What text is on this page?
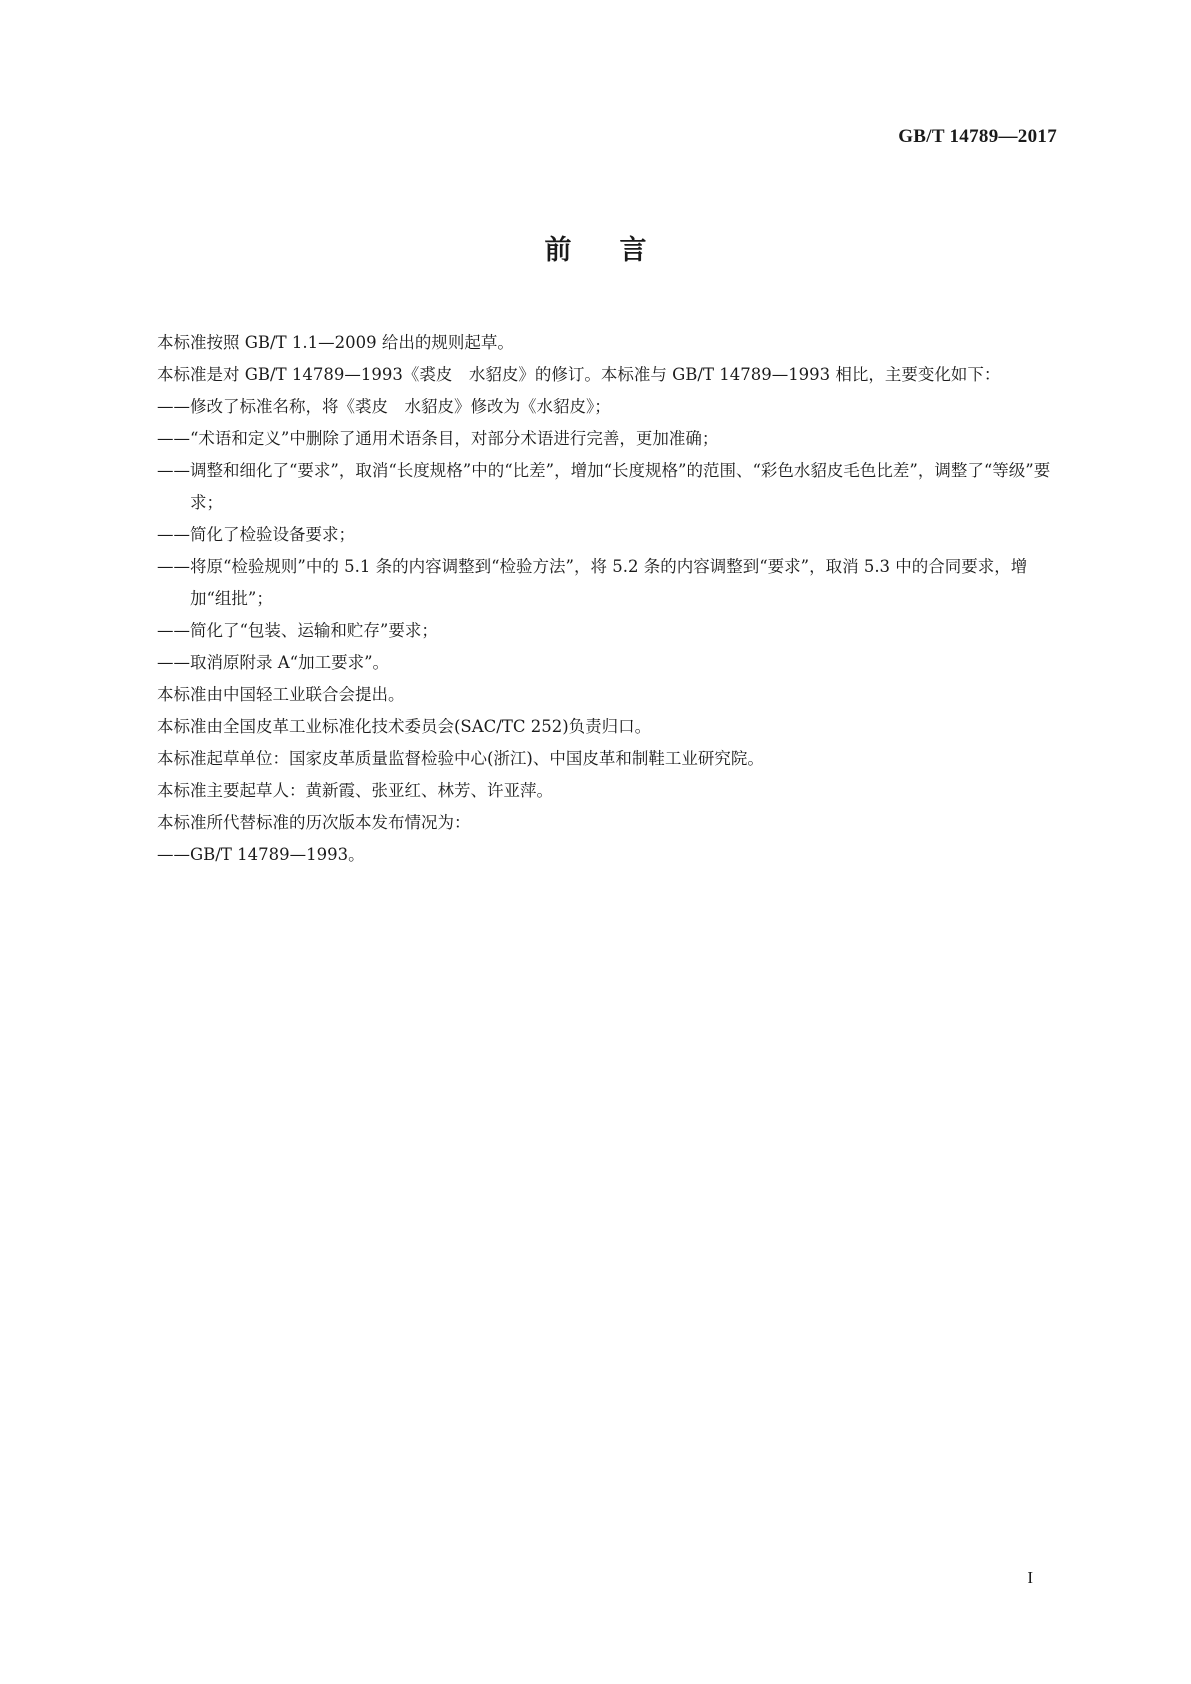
GB/T 14789—2017
前言

本标准按照 GB/T 1.1—2009 给出的规则起草。

本标准是对 GB/T 14789—1993《裘皮　水貂皮》的修订。本标准与 GB/T 14789—1993 相比，主要变化如下：

——修改了标准名称，将《裘皮　水貂皮》修改为《水貂皮》；

——“术语和定义”中删除了通用术语条目，对部分术语进行完善，更加准确；

——调整和细化了“要求”，取消“长度规格”中的“比差”，增加“长度规格”的范围、“彩色水貂皮毛色比差”，调整了“等级”要求；

——简化了检验设备要求；

——将原“检验规则”中的 5.1 条的内容调整到“检验方法”，将 5.2 条的内容调整到“要求”，取消 5.3 中的合同要求，增加“组批”；

——简化了“包装、运输和贮存”要求；

——取消原附录 A“加工要求”。

本标准由中国轻工业联合会提出。

本标准由全国皮革工业标准化技术委员会(SAC/TC 252)负责归口。

本标准起草单位：国家皮革质量监督检验中心(浙江)、中国皮革和制鞋工业研究院。

本标准主要起草人：黄新霞、张亚红、林芳、许亚萍。

本标准所代替标准的历次版本发布情况为：

——GB/T 14789—1993。

I
